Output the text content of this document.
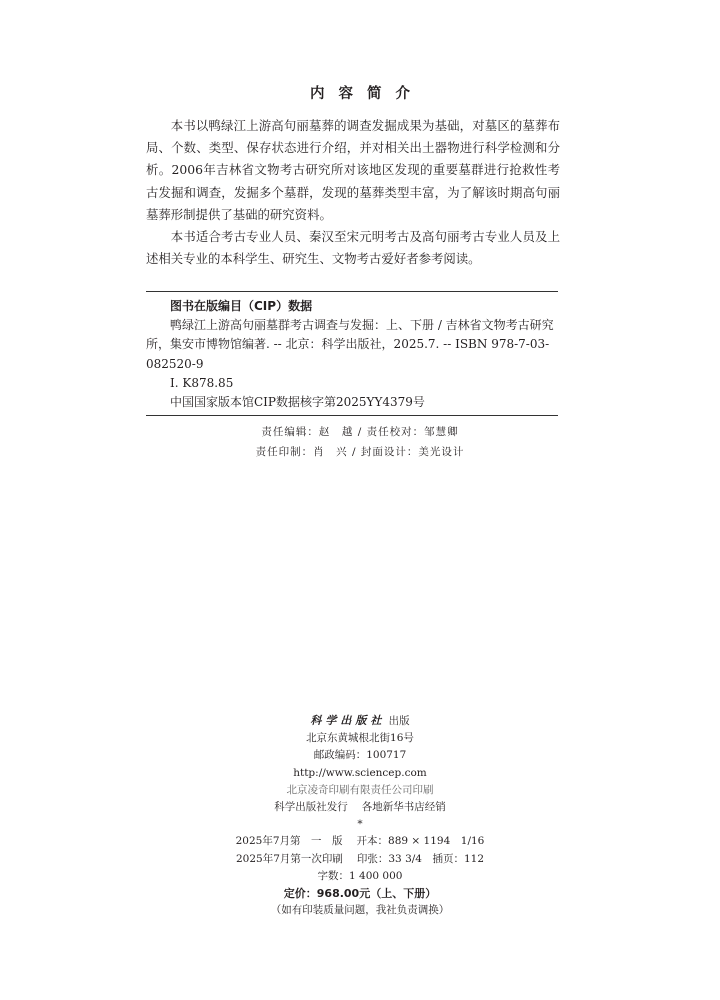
内容简介

本书以鸭绿江上游高句丽墓葬的调查发掘成果为基础，对墓区的墓葬布局、个数、类型、保存状态进行介绍，并对相关出土器物进行科学检测和分析。2006年吉林省文物考古研究所对该地区发现的重要墓群进行抢救性考古发掘和调查，发掘多个墓群，发现的墓葬类型丰富，为了解该时期高句丽墓葬形制提供了基础的研究资料。

本书适合考古专业人员、秦汉至宋元明考古及高句丽考古专业人员及上述相关专业的本科学生、研究生、文物考古爱好者参考阅读。

图书在版编目（CIP）数据

鸭绿江上游高句丽墓群考古调查与发掘：上、下册 / 吉林省文物考古研究所，集安市博物馆编著. -- 北京：科学出版社，2025.7. -- ISBN 978-7-03-082520-9

Ⅰ. K878.85

中国国家版本馆CIP数据核字第2025YY4379号

责任编辑：赵　越 / 责任校对：邹慧卿
责任印制：肖　兴 / 封面设计：美光设计
科学出版社 出版
北京东黄城根北街16号
邮政编码：100717
http://www.sciencep.com
北京凌奇印刷有限责任公司印刷
科学出版社发行 各地新华书店经销
*
2025年7月第　一　版 开本：889 × 1194　1/16
2025年7月第一次印刷 印张：33 3/4　插页：112
字数：1 400 000
定价：968.00元（上、下册）
（如有印装质量问题，我社负责调换）
